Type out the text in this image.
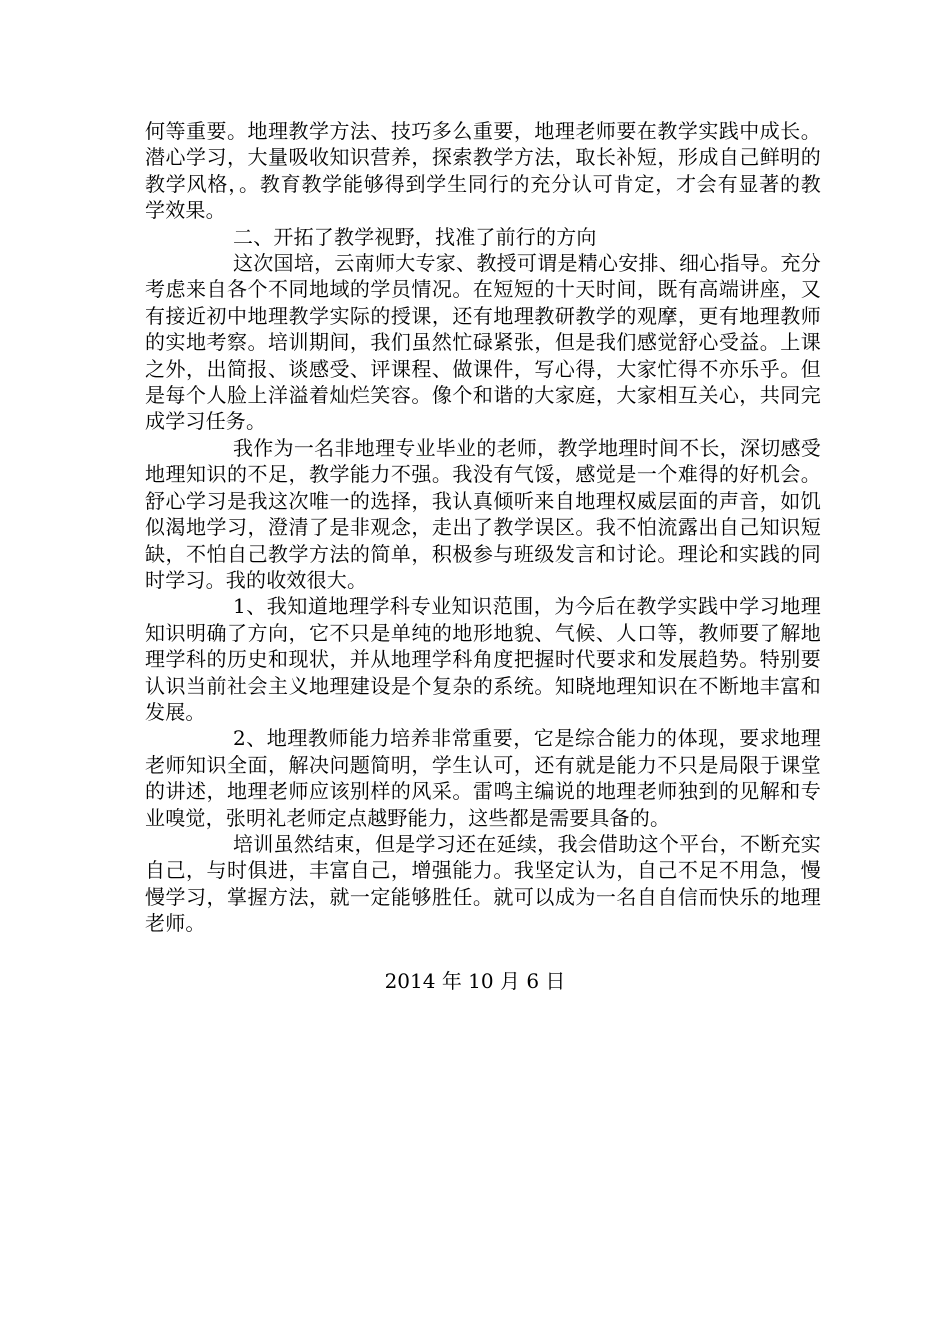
何等重要。地理教学方法、技巧多么重要，地理老师要在教学实践中成长。潜心学习，大量吸收知识营养，探索教学方法，取长补短，形成自己鲜明的教学风格，。教育教学能够得到学生同行的充分认可肯定，才会有显著的教学效果。

二、开拓了教学视野，找准了前行的方向

这次国培，云南师大专家、教授可谓是精心安排、细心指导。充分考虑来自各个不同地域的学员情况。在短短的十天时间，既有高端讲座，又有接近初中地理教学实际的授课，还有地理教研教学的观摩，更有地理教师的实地考察。培训期间，我们虽然忙碌紧张，但是我们感觉舒心受益。上课之外，出简报、谈感受、评课程、做课件，写心得，大家忙得不亦乐乎。但是每个人脸上洋溢着灿烂笑容。像个和谐的大家庭，大家相互关心，共同完成学习任务。

我作为一名非地理专业毕业的老师，教学地理时间不长，深切感受地理知识的不足，教学能力不强。我没有气馁，感觉是一个难得的好机会。舒心学习是我这次唯一的选择，我认真倾听来自地理权威层面的声音，如饥似渴地学习，澄清了是非观念，走出了教学误区。我不怕流露出自己知识短缺，不怕自己教学方法的简单，积极参与班级发言和讨论。理论和实践的同时学习。我的收效很大。

1、我知道地理学科专业知识范围，为今后在教学实践中学习地理知识明确了方向，它不只是单纯的地形地貌、气候、人口等，教师要了解地理学科的历史和现状，并从地理学科角度把握时代要求和发展趋势。特别要认识当前社会主义地理建设是个复杂的系统。知晓地理知识在不断地丰富和发展。

2、地理教师能力培养非常重要，它是综合能力的体现，要求地理老师知识全面，解决问题简明，学生认可，还有就是能力不只是局限于课堂的讲述，地理老师应该别样的风采。雷鸣主编说的地理老师独到的见解和专业嗅觉，张明礼老师定点越野能力，这些都是需要具备的。

培训虽然结束，但是学习还在延续，我会借助这个平台，不断充实自己，与时俱进，丰富自己，增强能力。我坚定认为，自己不足不用急，慢慢学习，掌握方法，就一定能够胜任。就可以成为一名自自信而快乐的地理老师。

2014 年 10 月 6 日
